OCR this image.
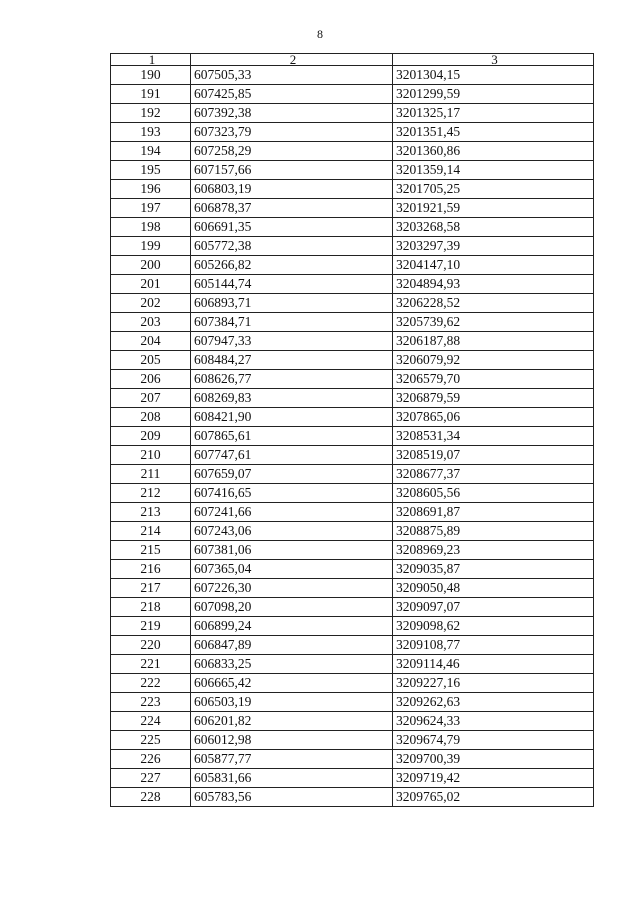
8
1	2	3
190	607505,33	3201304,15
191	607425,85	3201299,59
192	607392,38	3201325,17
193	607323,79	3201351,45
194	607258,29	3201360,86
195	607157,66	3201359,14
196	606803,19	3201705,25
197	606878,37	3201921,59
198	606691,35	3203268,58
199	605772,38	3203297,39
200	605266,82	3204147,10
201	605144,74	3204894,93
202	606893,71	3206228,52
203	607384,71	3205739,62
204	607947,33	3206187,88
205	608484,27	3206079,92
206	608626,77	3206579,70
207	608269,83	3206879,59
208	608421,90	3207865,06
209	607865,61	3208531,34
210	607747,61	3208519,07
211	607659,07	3208677,37
212	607416,65	3208605,56
213	607241,66	3208691,87
214	607243,06	3208875,89
215	607381,06	3208969,23
216	607365,04	3209035,87
217	607226,30	3209050,48
218	607098,20	3209097,07
219	606899,24	3209098,62
220	606847,89	3209108,77
221	606833,25	3209114,46
222	606665,42	3209227,16
223	606503,19	3209262,63
224	606201,82	3209624,33
225	606012,98	3209674,79
226	605877,77	3209700,39
227	605831,66	3209719,42
228	605783,56	3209765,02
